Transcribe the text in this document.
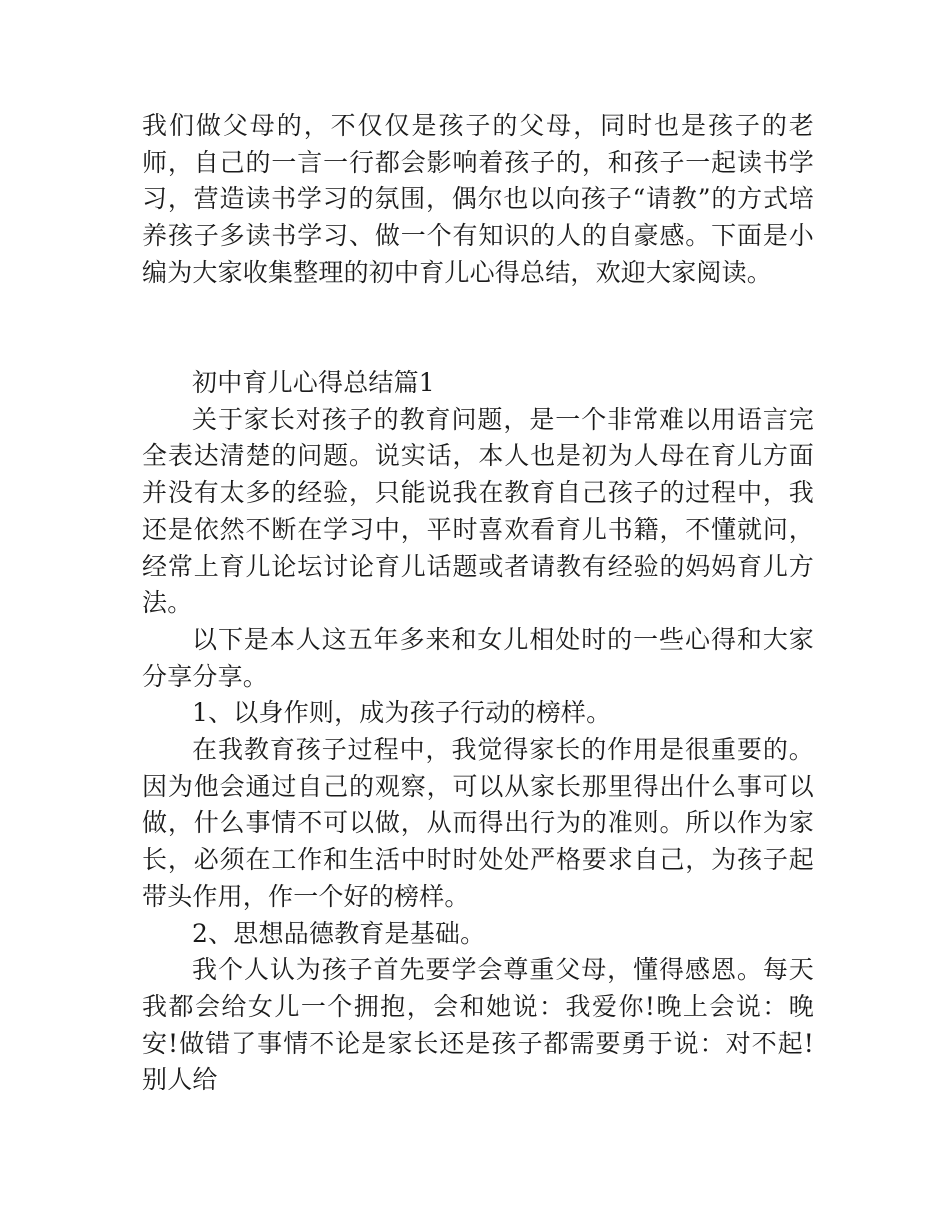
我们做父母的，不仅仅是孩子的父母，同时也是孩子的老师，自己的一言一行都会影响着孩子的，和孩子一起读书学习，营造读书学习的氛围，偶尔也以向孩子“请教”的方式培养孩子多读书学习、做一个有知识的人的自豪感。下面是小编为大家收集整理的初中育儿心得总结，欢迎大家阅读。

初中育儿心得总结篇1

关于家长对孩子的教育问题，是一个非常难以用语言完全表达清楚的问题。说实话，本人也是初为人母在育儿方面并没有太多的经验，只能说我在教育自己孩子的过程中，我还是依然不断在学习中，平时喜欢看育儿书籍，不懂就问，经常上育儿论坛讨论育儿话题或者请教有经验的妈妈育儿方法。

以下是本人这五年多来和女儿相处时的一些心得和大家分享分享。

1、以身作则，成为孩子行动的榜样。

在我教育孩子过程中，我觉得家长的作用是很重要的。因为他会通过自己的观察，可以从家长那里得出什么事可以做，什么事情不可以做，从而得出行为的准则。所以作为家长，必须在工作和生活中时时处处严格要求自己，为孩子起带头作用，作一个好的榜样。

2、思想品德教育是基础。

我个人认为孩子首先要学会尊重父母，懂得感恩。每天我都会给女儿一个拥抱，会和她说：我爱你!晚上会说：晚安!做错了事情不论是家长还是孩子都需要勇于说：对不起!别人给
